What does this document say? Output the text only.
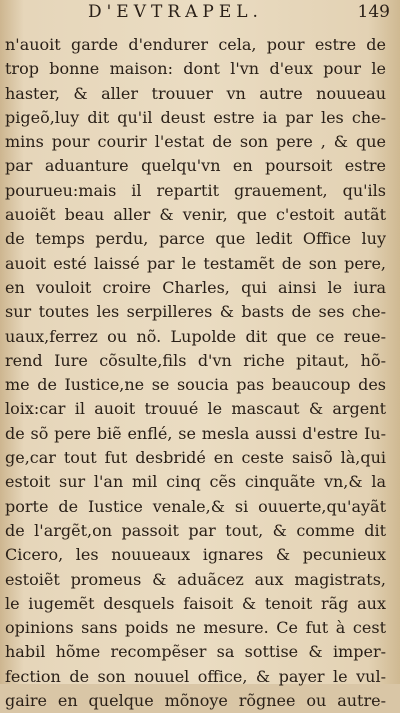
D'EVTRAPEL.	149
n'auoit garde d'endurer cela, pour estre de
trop bonne maison: dont l'vn d'eux pour le
haster, & aller trouuer vn autre nouueau
pigeõ,luy dit qu'il deust estre ia par les che-
mins pour courir l'estat de son pere , & que
par aduanture quelqu'vn en poursoit estre
pourueu:mais il repartit grauement, qu'ils
auoiẽt beau aller & venir, que c'estoit autãt
de temps perdu, parce que ledit Office luy
auoit esté laissé par le testamẽt de son pere,
en vouloit croire Charles, qui ainsi le iura
sur toutes les serpilleres & basts de ses che-
uaux,ferrez ou nõ. Lupolde dit que ce reue-
rend Iure cõsulte,fils d'vn riche pitaut, hõ-
me de Iustice,ne se soucia pas beaucoup des
loix:car il auoit trouué le mascaut & argent
de sõ pere biẽ enflé, se mesla aussi d'estre Iu-
ge,car tout fut desbridé en ceste saisõ là,qui
estoit sur l'an mil cinq cẽs cinquãte vn,& la
porte de Iustice venale,& si ouuerte,qu'ayãt
de l'argẽt,on passoit par tout, & comme dit
Cicero, les nouueaux ignares & pecunieux
estoiẽt promeus & aduãcez aux magistrats,
le iugemẽt desquels faisoit & tenoit rãg aux
opinions sans poids ne mesure. Ce fut à cest
habil hõme recompẽser sa sottise & imper-
fection de son nouuel office, & payer le vul-
gaire en quelque mõnoye rõgnee ou autre-
